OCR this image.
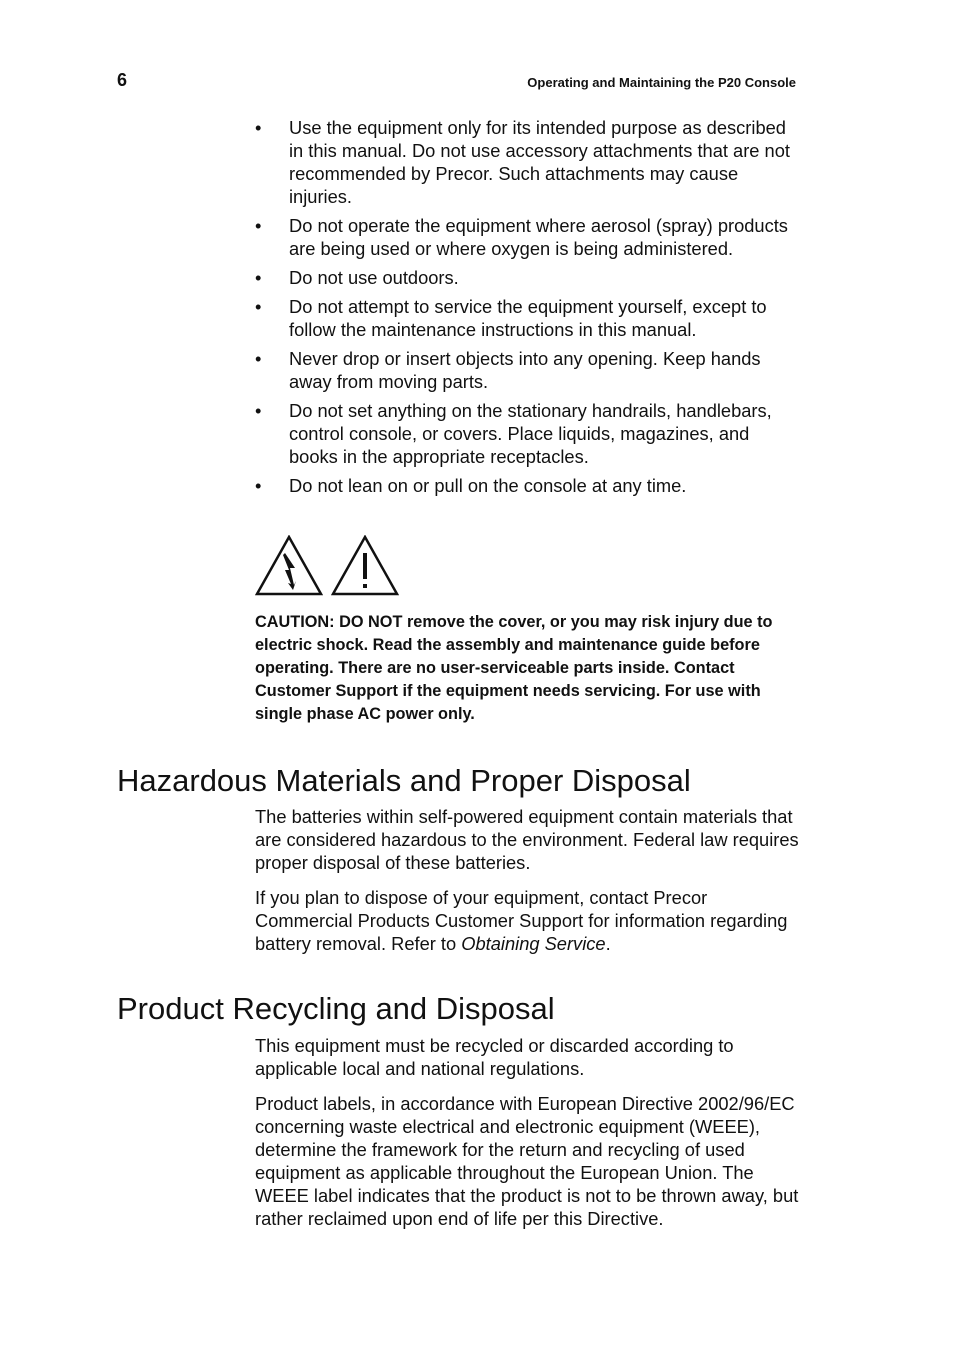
6	Operating and Maintaining the P20 Console
• Use the equipment only for its intended purpose as described in this manual. Do not use accessory attachments that are not recommended by Precor. Such attachments may cause injuries.
• Do not operate the equipment where aerosol (spray) products are being used or where oxygen is being administered.
• Do not use outdoors.
• Do not attempt to service the equipment yourself, except to follow the maintenance instructions in this manual.
• Never drop or insert objects into any opening. Keep hands away from moving parts.
• Do not set anything on the stationary handrails, handlebars, control console, or covers. Place liquids, magazines, and books in the appropriate receptacles.
• Do not lean on or pull on the console at any time.

CAUTION: DO NOT remove the cover, or you may risk injury due to electric shock. Read the assembly and maintenance guide before operating. There are no user-serviceable parts inside. Contact Customer Support if the equipment needs servicing. For use with single phase AC power only.

Hazardous Materials and Proper Disposal

The batteries within self-powered equipment contain materials that are considered hazardous to the environment. Federal law requires proper disposal of these batteries.

If you plan to dispose of your equipment, contact Precor Commercial Products Customer Support for information regarding battery removal. Refer to Obtaining Service.

Product Recycling and Disposal

This equipment must be recycled or discarded according to applicable local and national regulations.

Product labels, in accordance with European Directive 2002/96/EC concerning waste electrical and electronic equipment (WEEE), determine the framework for the return and recycling of used equipment as applicable throughout the European Union. The WEEE label indicates that the product is not to be thrown away, but rather reclaimed upon end of life per this Directive.
